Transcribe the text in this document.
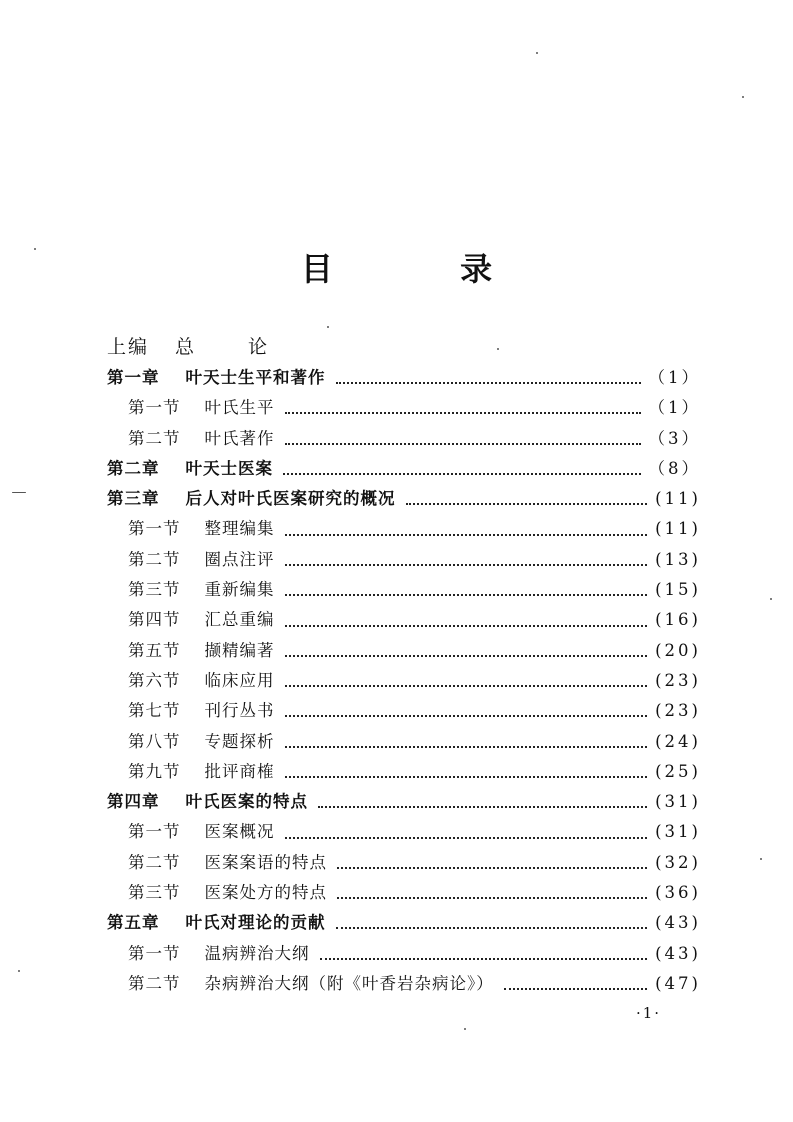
目 录
上编 总 论
第一章 叶天士生平和著作	（1）
第一节 叶氏生平	（1）
第二节 叶氏著作	（3）
第二章 叶天士医案	（8）
第三章 后人对叶氏医案研究的概况	(11)
第一节 整理编集	(11)
第二节 圈点注评	(13)
第三节 重新编集	(15)
第四节 汇总重编	(16)
第五节 撷精编著	(20)
第六节 临床应用	(23)
第七节 刊行丛书	(23)
第八节 专题探析	(24)
第九节 批评商榷	(25)
第四章 叶氏医案的特点	(31)
第一节 医案概况	(31)
第二节 医案案语的特点	(32)
第三节 医案处方的特点	(36)
第五章 叶氏对理论的贡献	(43)
第一节 温病辨治大纲	(43)
第二节 杂病辨治大纲（附《叶香岩杂病论》）	(47)
·1·
